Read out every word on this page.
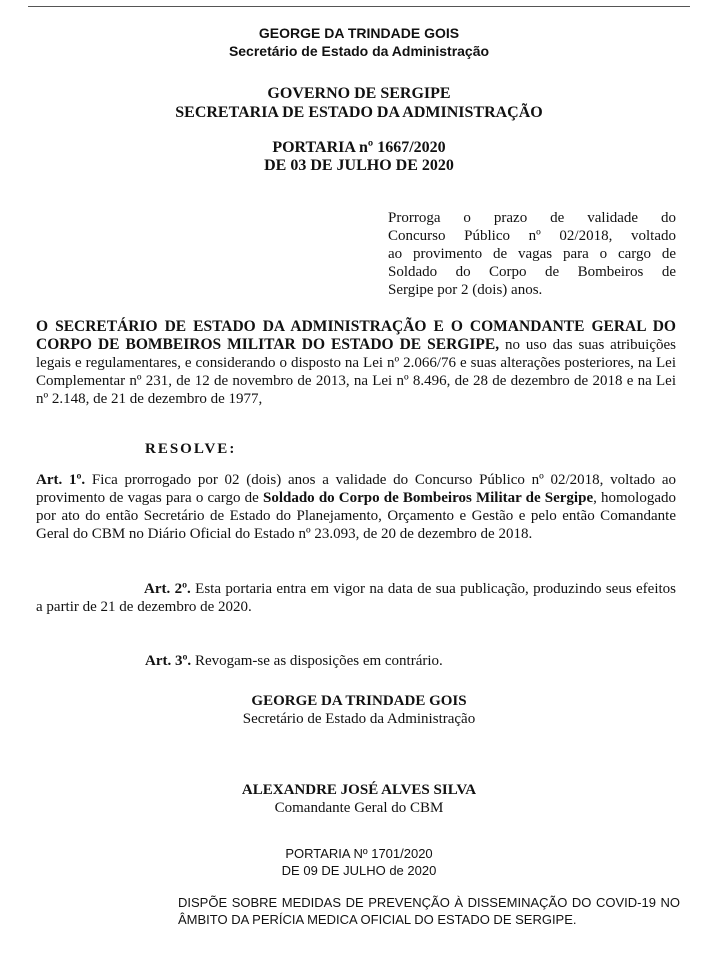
GEORGE DA TRINDADE GOIS
Secretário de Estado da Administração
GOVERNO DE SERGIPE
SECRETARIA DE ESTADO DA ADMINISTRAÇÃO
PORTARIA nº 1667/2020
DE 03 DE JULHO DE 2020
Prorroga o prazo de validade do
Concurso Público nº 02/2018, voltado
ao provimento de vagas para o cargo de
Soldado do Corpo de Bombeiros de
Sergipe por 2 (dois) anos.
O SECRETÁRIO DE ESTADO DA ADMINISTRAÇÃO E O COMANDANTE GERAL DO CORPO DE BOMBEIROS MILITAR DO ESTADO DE SERGIPE, no uso das suas atribuições legais e regulamentares, e considerando o disposto na Lei nº 2.066/76 e suas alterações posteriores, na Lei Complementar nº 231, de 12 de novembro de 2013, na Lei nº 8.496, de 28 de dezembro de 2018 e na Lei nº 2.148, de 21 de dezembro de 1977,
RESOLVE:
Art. 1º. Fica prorrogado por 02 (dois) anos a validade do Concurso Público nº 02/2018, voltado ao provimento de vagas para o cargo de Soldado do Corpo de Bombeiros Militar de Sergipe, homologado por ato do então Secretário de Estado do Planejamento, Orçamento e Gestão e pelo então Comandante Geral do CBM no Diário Oficial do Estado nº 23.093, de 20 de dezembro de 2018.
Art. 2º. Esta portaria entra em vigor na data de sua publicação, produzindo seus efeitos a partir de 21 de dezembro de 2020.
Art. 3º. Revogam-se as disposições em contrário.
GEORGE DA TRINDADE GOIS
Secretário de Estado da Administração
ALEXANDRE JOSÉ ALVES SILVA
Comandante Geral do CBM
PORTARIA Nº 1701/2020
DE 09 DE JULHO de 2020
DISPÕE SOBRE MEDIDAS DE PREVENÇÃO À DISSEMINAÇÃO DO COVID-19 NO ÂMBITO DA PERÍCIA MEDICA OFICIAL DO ESTADO DE SERGIPE.
